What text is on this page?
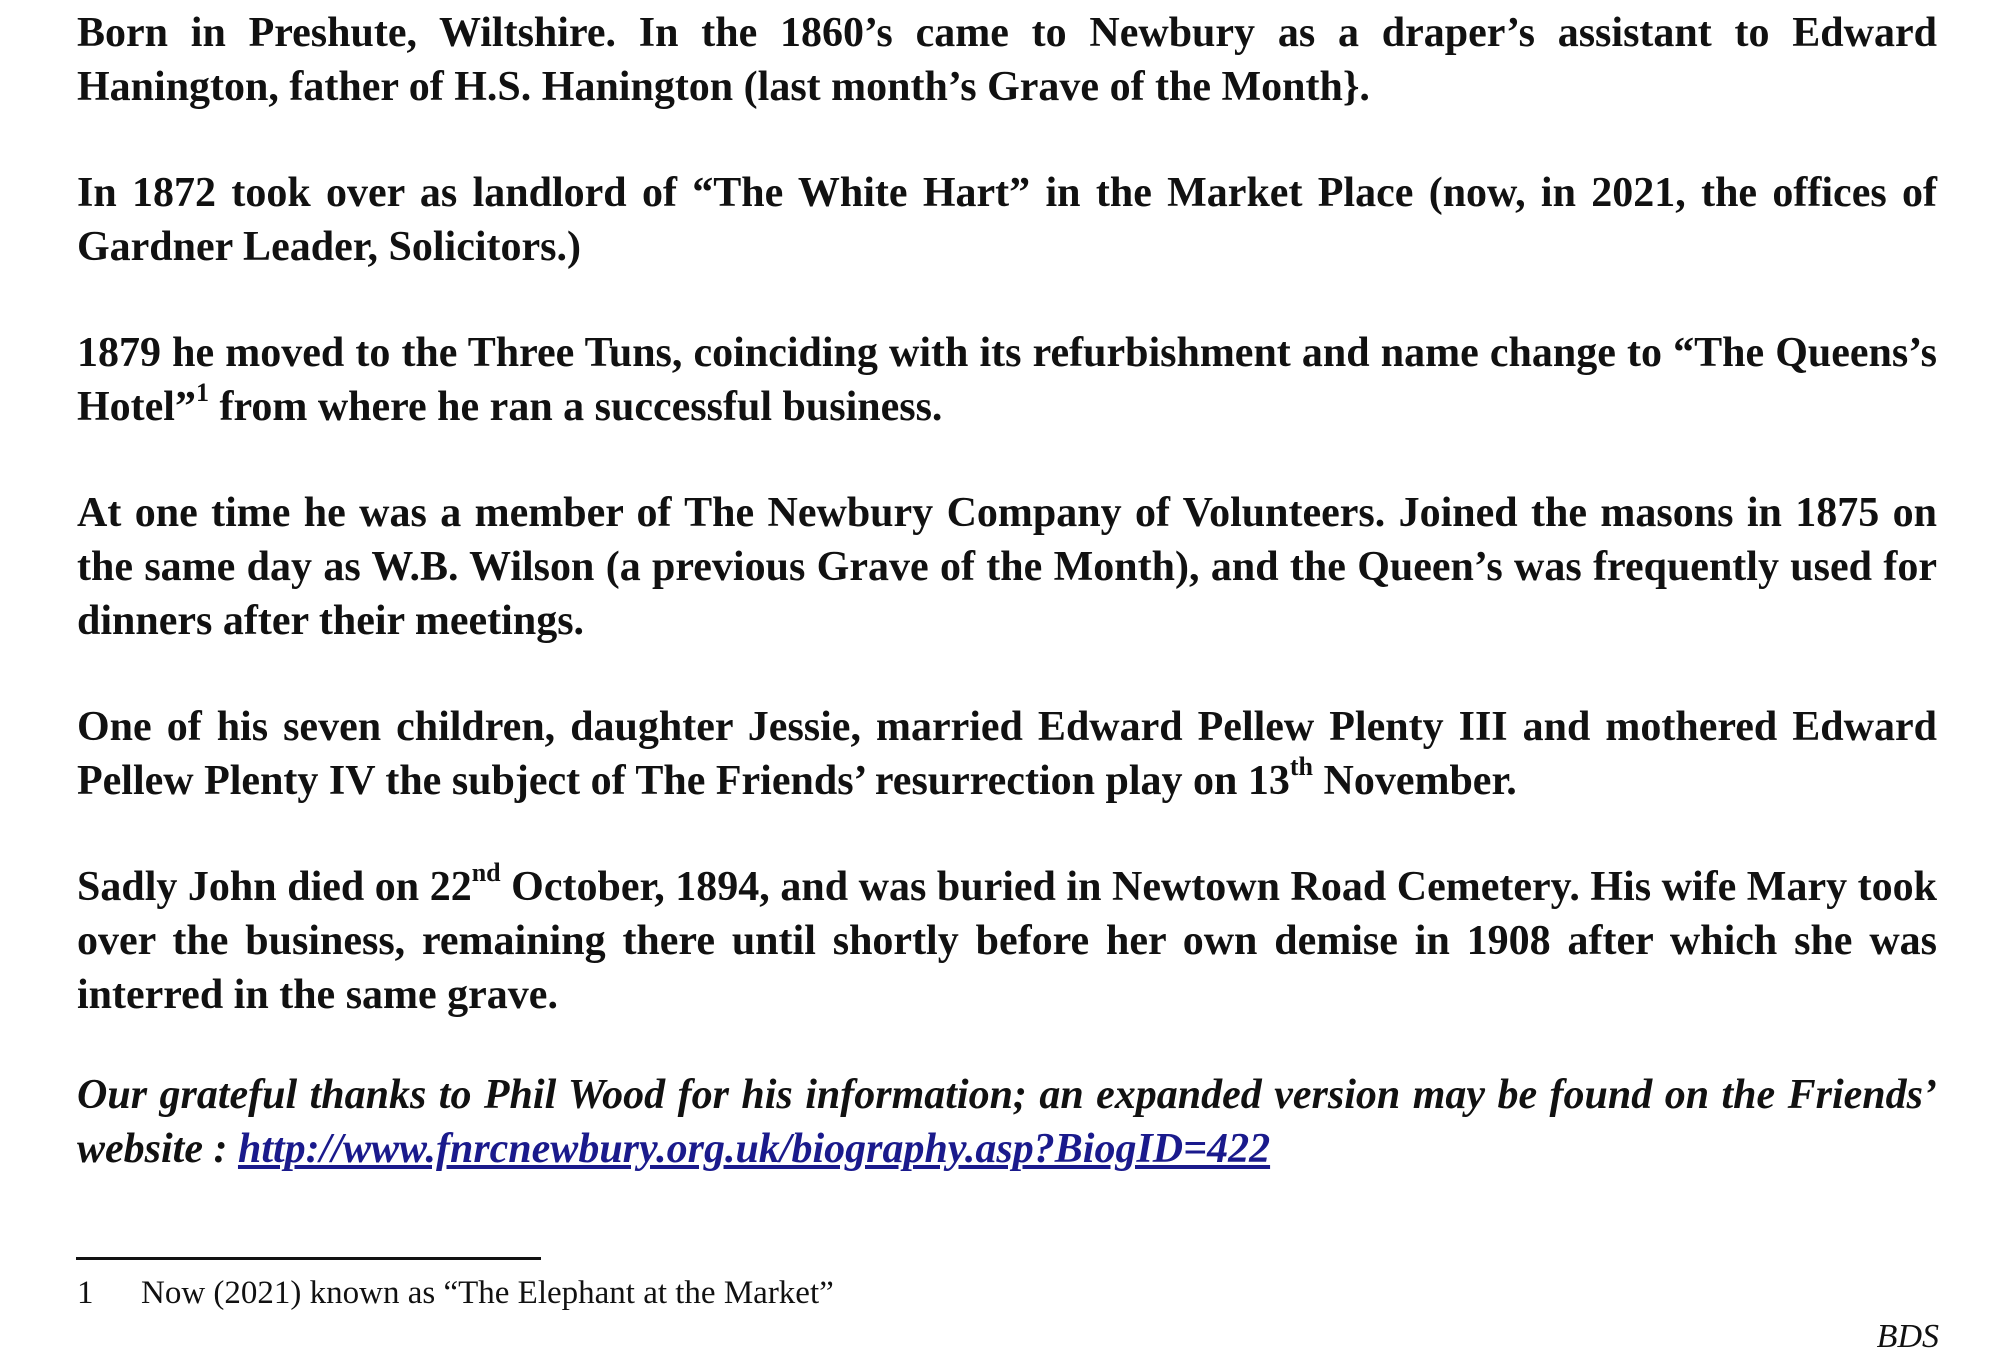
Born in Preshute, Wiltshire. In the 1860’s came to Newbury as a draper’s assistant to Edward Hanington, father of H.S. Hanington (last month’s Grave of the Month}.

In 1872 took over as landlord of “The White Hart” in the Market Place (now, in 2021, the offices of Gardner Leader, Solicitors.)

1879 he moved to the Three Tuns, coinciding with its refurbishment and name change to “The Queens’s Hotel”$^1$ from where he ran a successful business.

At one time he was a member of The Newbury Company of Volunteers. Joined the masons in 1875 on the same day as W.B. Wilson (a previous Grave of the Month), and the Queen’s was frequently used for dinners after their meetings.

One of his seven children, daughter Jessie, married Edward Pellew Plenty III and mothered Edward Pellew Plenty IV the subject of The Friends’ resurrection play on 13th November.

Sadly John died on 22nd October, 1894, and was buried in Newtown Road Cemetery. His wife Mary took over the business, remaining there until shortly before her own demise in 1908 after which she was interred in the same grave.

Our grateful thanks to Phil Wood for his information; an expanded version may be found on the Friends’ website : http://www.fnrcnewbury.org.uk/biography.asp?BiogID=422

1 Now (2021) known as “The Elephant at the Market”
BDS
